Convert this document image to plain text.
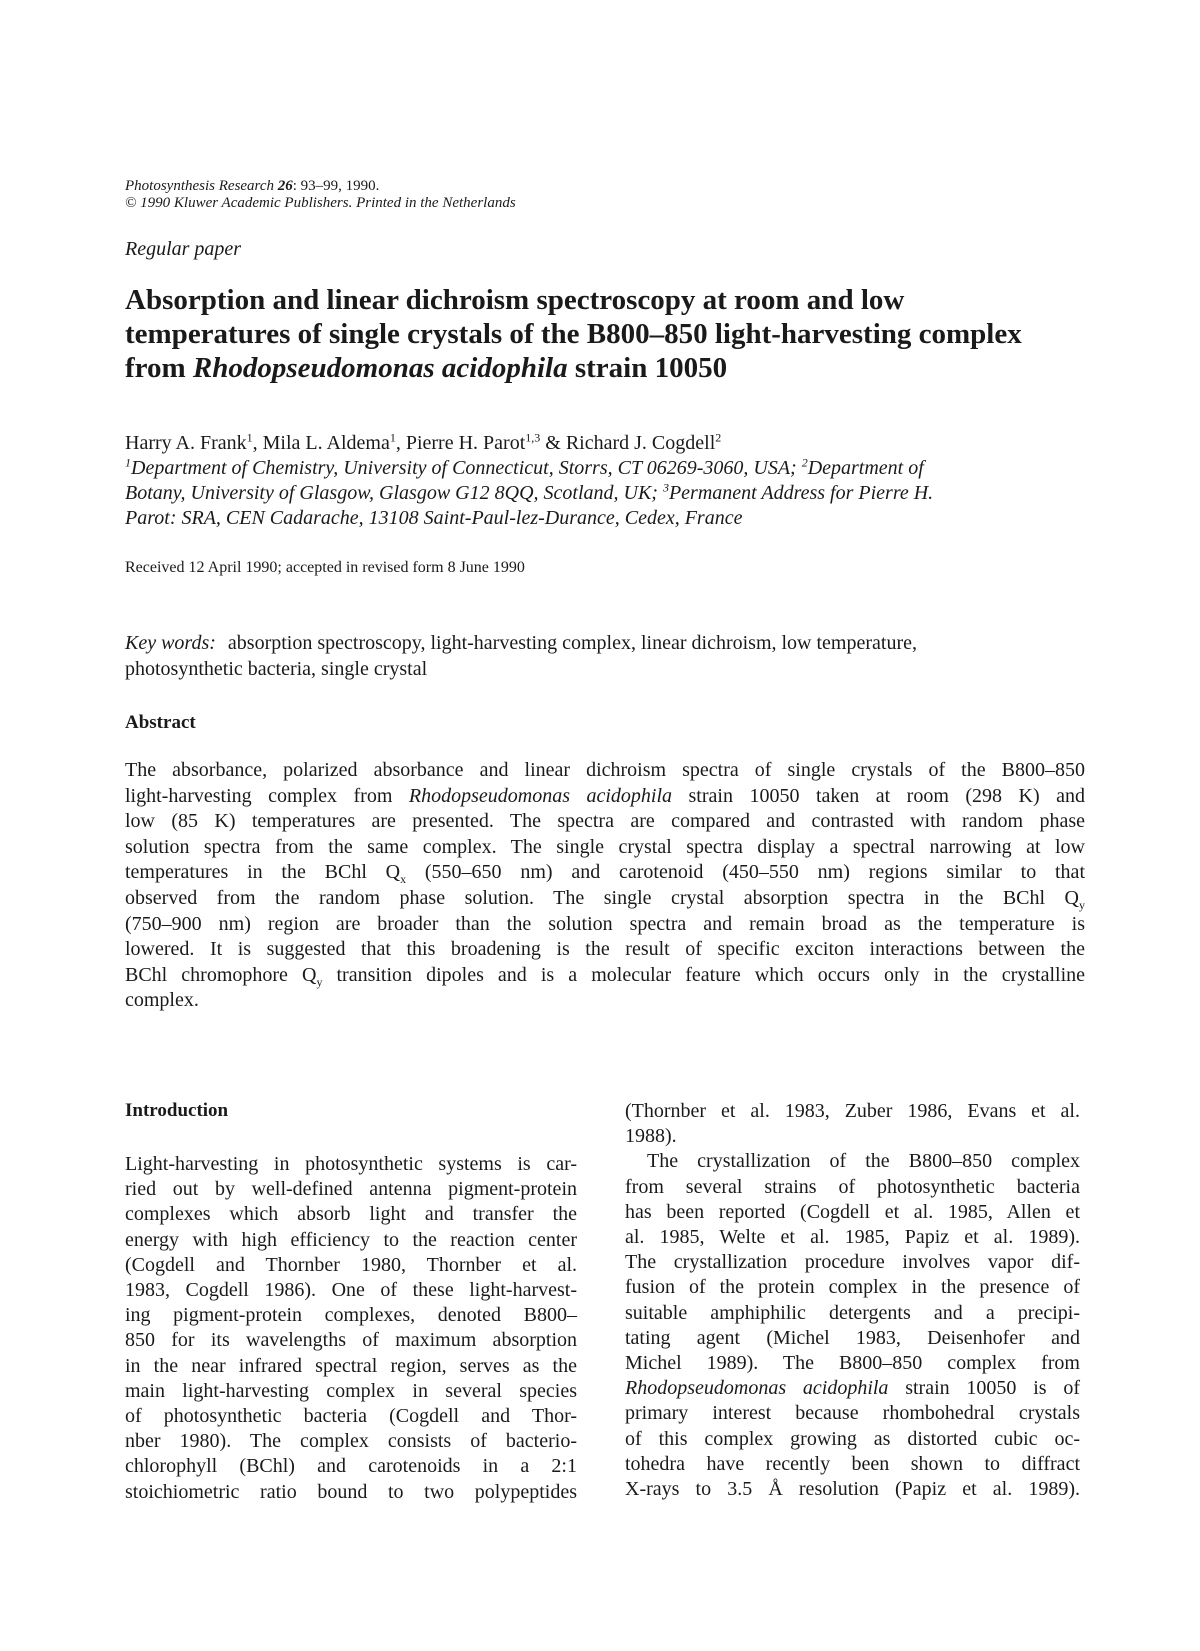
Photosynthesis Research 26: 93–99, 1990.
© 1990 Kluwer Academic Publishers. Printed in the Netherlands
Regular paper
Absorption and linear dichroism spectroscopy at room and low
temperatures of single crystals of the B800–850 light-harvesting complex
from Rhodopseudomonas acidophila strain 10050
Harry A. Frank$^1$, Mila L. Aldema$^1$, Pierre H. Parot$^{1,3}$ & Richard J. Cogdell$^2$
$^1$Department of Chemistry, University of Connecticut, Storrs, CT 06269-3060, USA; $^2$Department of
Botany, University of Glasgow, Glasgow G12 8QQ, Scotland, UK; $^3$Permanent Address for Pierre H.
Parot: SRA, CEN Cadarache, 13108 Saint-Paul-lez-Durance, Cedex, France
Received 12 April 1990; accepted in revised form 8 June 1990
Key words: absorption spectroscopy, light-harvesting complex, linear dichroism, low temperature,
photosynthetic bacteria, single crystal
Abstract
The absorbance, polarized absorbance and linear dichroism spectra of single crystals of the B800–850
light-harvesting complex from Rhodopseudomonas acidophila strain 10050 taken at room (298 K) and
low (85 K) temperatures are presented. The spectra are compared and contrasted with random phase
solution spectra from the same complex. The single crystal spectra display a spectral narrowing at low
temperatures in the BChl $Q_x$ (550–650 nm) and carotenoid (450–550 nm) regions similar to that
observed from the random phase solution. The single crystal absorption spectra in the BChl $Q_y$
(750–900 nm) region are broader than the solution spectra and remain broad as the temperature is
lowered. It is suggested that this broadening is the result of specific exciton interactions between the
BChl chromophore $Q_y$ transition dipoles and is a molecular feature which occurs only in the crystalline
complex.
Introduction
Light-harvesting in photosynthetic systems is car-
ried out by well-defined antenna pigment-protein
complexes which absorb light and transfer the
energy with high efficiency to the reaction center
(Cogdell and Thornber 1980, Thornber et al.
1983, Cogdell 1986). One of these light-harvest-
ing pigment-protein complexes, denoted B800–
850 for its wavelengths of maximum absorption
in the near infrared spectral region, serves as the
main light-harvesting complex in several species
of photosynthetic bacteria (Cogdell and Thor-
nber 1980). The complex consists of bacterio-
chlorophyll (BChl) and carotenoids in a 2:1
stoichiometric ratio bound to two polypeptides
(Thornber et al. 1983, Zuber 1986, Evans et al.
1988).
The crystallization of the B800–850 complex
from several strains of photosynthetic bacteria
has been reported (Cogdell et al. 1985, Allen et
al. 1985, Welte et al. 1985, Papiz et al. 1989).
The crystallization procedure involves vapor dif-
fusion of the protein complex in the presence of
suitable amphiphilic detergents and a precipi-
tating agent (Michel 1983, Deisenhofer and
Michel 1989). The B800–850 complex from
Rhodopseudomonas acidophila strain 10050 is of
primary interest because rhombohedral crystals
of this complex growing as distorted cubic oc-
tohedra have recently been shown to diffract
X-rays to 3.5 Å resolution (Papiz et al. 1989).
